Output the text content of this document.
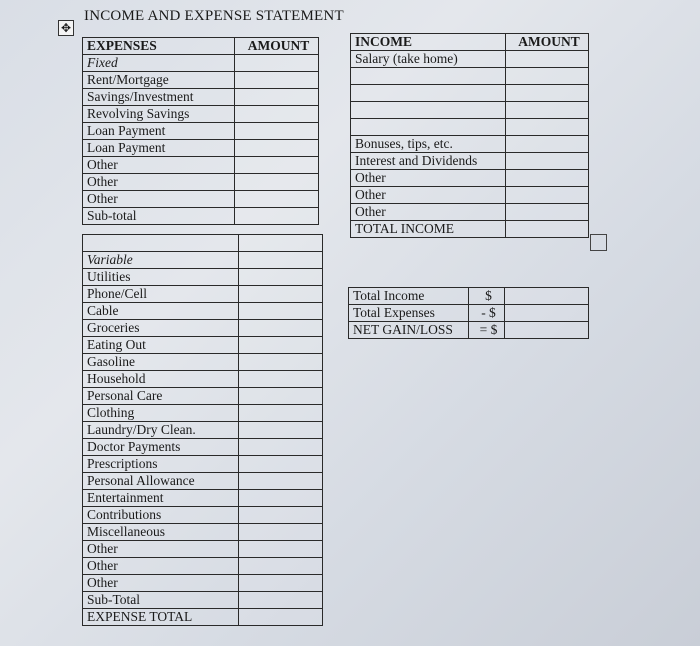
✥
INCOME AND EXPENSE STATEMENT
EXPENSES	AMOUNT
Fixed	
Rent/Mortgage	
Savings/Investment	
Revolving Savings	
Loan Payment	
Loan Payment	
Other	
Other	
Other	
Sub-total	

Variable	
Utilities	
Phone/Cell	
Cable	
Groceries	
Eating Out	
Gasoline	
Household	
Personal Care	
Clothing	
Laundry/Dry Clean.	
Doctor Payments	
Prescriptions	
Personal Allowance	
Entertainment	
Contributions	
Miscellaneous	
Other	
Other	
Other	
Sub-Total	
EXPENSE TOTAL	
INCOME	AMOUNT
Salary (take home)	

Bonuses, tips, etc.	
Interest and Dividends	
Other	
Other	
Other	
TOTAL INCOME	
Total Income	$	
Total Expenses	- $	
NET GAIN/LOSS	= $	
